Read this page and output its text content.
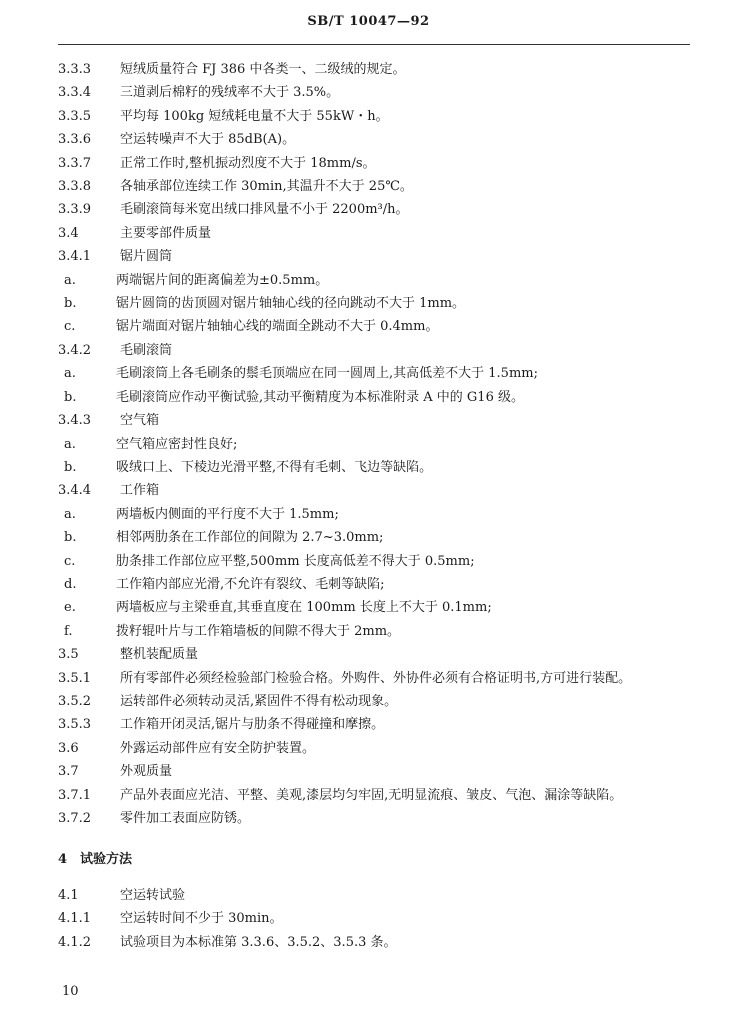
SB/T 10047—92
3.3.3 短绒质量符合 FJ 386 中各类一、二级绒的规定。
3.3.4 三道剥后棉籽的残绒率不大于 3.5%。
3.3.5 平均每 100kg 短绒耗电量不大于 55kW・h。
3.3.6 空运转噪声不大于 85dB(A)。
3.3.7 正常工作时,整机振动烈度不大于 18mm/s。
3.3.8 各轴承部位连续工作 30min,其温升不大于 25℃。
3.3.9 毛刷滚筒每米宽出绒口排风量不小于 2200m³/h。
3.4	主要零部件质量
3.4.1 锯片圆筒
a.	两端锯片间的距离偏差为±0.5mm。
b.	锯片圆筒的齿顶圆对锯片轴轴心线的径向跳动不大于 1mm。
c.	锯片端面对锯片轴轴心线的端面全跳动不大于 0.4mm。
3.4.2 毛刷滚筒
a.	毛刷滚筒上各毛刷条的鬃毛顶端应在同一圆周上,其高低差不大于 1.5mm;
b.	毛刷滚筒应作动平衡试验,其动平衡精度为本标准附录 A 中的 G16 级。
3.4.3 空气箱
a.	空气箱应密封性良好;
b.	吸绒口上、下棱边光滑平整,不得有毛刺、飞边等缺陷。
3.4.4 工作箱
a.	两墙板内侧面的平行度不大于 1.5mm;
b.	相邻两肋条在工作部位的间隙为 2.7~3.0mm;
c.	肋条排工作部位应平整,500mm 长度高低差不得大于 0.5mm;
d.	工作箱内部应光滑,不允许有裂纹、毛刺等缺陷;
e.	两墙板应与主梁垂直,其垂直度在 100mm 长度上不大于 0.1mm;
f.	拨籽辊叶片与工作箱墙板的间隙不得大于 2mm。
3.5	整机装配质量
3.5.1 所有零部件必须经检验部门检验合格。外购件、外协件必须有合格证明书,方可进行装配。
3.5.2 运转部件必须转动灵活,紧固件不得有松动现象。
3.5.3 工作箱开闭灵活,锯片与肋条不得碰撞和摩擦。
3.6	外露运动部件应有安全防护装置。
3.7	外观质量
3.7.1 产品外表面应光洁、平整、美观,漆层均匀牢固,无明显流痕、皱皮、气泡、漏涂等缺陷。
3.7.2 零件加工表面应防锈。
4 试验方法
4.1	空运转试验
4.1.1 空运转时间不少于 30min。
4.1.2 试验项目为本标准第 3.3.6、3.5.2、3.5.3 条。
10
